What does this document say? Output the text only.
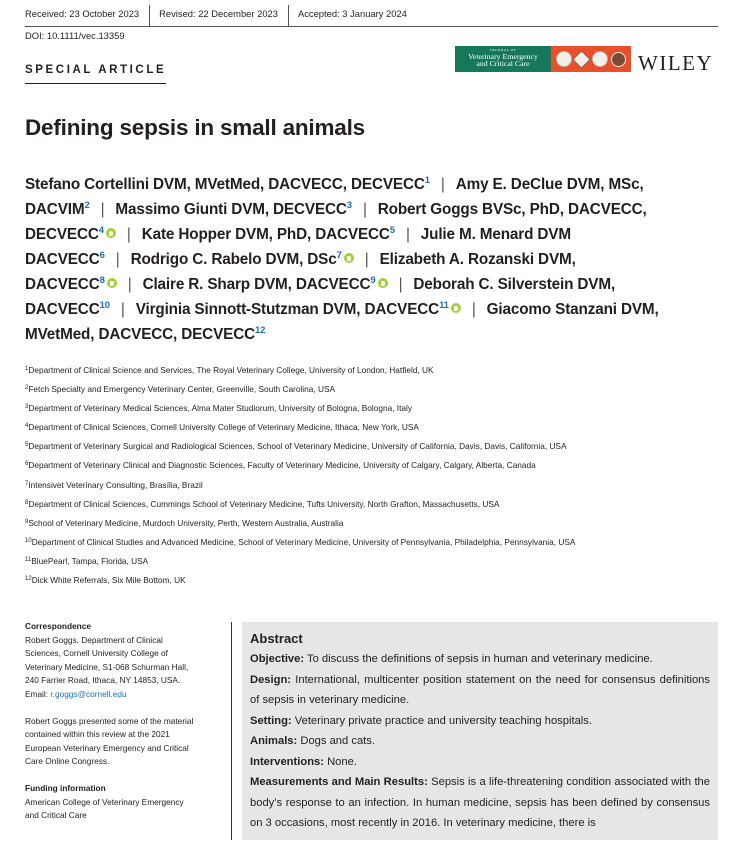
Received: 23 October 2023	Revised: 22 December 2023	Accepted: 3 January 2024
DOI: 10.1111/vec.13359
SPECIAL ARTICLE
JOURNAL OF
Veterinary Emergency
and Critical Care	WILEY
Defining sepsis in small animals
Stefano Cortellini DVM, MVetMed, DACVECC, DECVECC$^1$ | Amy E. DeClue DVM, MSc,
DACVIM$^2$ | Massimo Giunti DVM, DECVECC$^3$ | Robert Goggs BVSc, PhD, DACVECC,
DECVECC$^4$ | Kate Hopper DVM, PhD, DACVECC$^5$ | Julie M. Menard DVM
DACVECC$^6$ | Rodrigo C. Rabelo DVM, DSc$^7$ | Elizabeth A. Rozanski DVM,
DACVECC$^8$ | Claire R. Sharp DVM, DACVECC$^9$ | Deborah C. Silverstein DVM,
DACVECC$^{10}$ | Virginia Sinnott-Stutzman DVM, DACVECC$^{11}$ | Giacomo Stanzani DVM,
MVetMed, DACVECC, DECVECC$^{12}$
$^1$Department of Clinical Science and Services, The Royal Veterinary College, University of London, Hatfield, UK
$^2$Fetch Specialty and Emergency Veterinary Center, Greenville, South Carolina, USA
$^3$Department of Veterinary Medical Sciences, Alma Mater Studiorum, University of Bologna, Bologna, Italy
$^4$Department of Clinical Sciences, Cornell University College of Veterinary Medicine, Ithaca, New York, USA
$^5$Department of Veterinary Surgical and Radiological Sciences, School of Veterinary Medicine, University of California, Davis, Davis, California, USA
$^6$Department of Veterinary Clinical and Diagnostic Sciences, Faculty of Veterinary Medicine, University of Calgary, Calgary, Alberta, Canada
$^7$Intensivet Veterinary Consulting, Brasília, Brazil
$^8$Department of Clinical Sciences, Cummings School of Veterinary Medicine, Tufts University, North Grafton, Massachusetts, USA
$^9$School of Veterinary Medicine, Murdoch University, Perth, Western Australia, Australia
$^{10}$Department of Clinical Studies and Advanced Medicine, School of Veterinary Medicine, University of Pennsylvania, Philadelphia, Pennsylvania, USA
$^{11}$BluePearl, Tampa, Florida, USA
$^{12}$Dick White Referrals, Six Mile Bottom, UK
Correspondence
Robert Goggs, Department of Clinical
Sciences, Cornell University College of
Veterinary Medicine, S1-068 Schurman Hall,
240 Farrier Road, Ithaca, NY 14853, USA.
Email: r.goggs@cornell.edu
Robert Goggs presented some of the material
contained within this review at the 2021
European Veterinary Emergency and Critical
Care Online Congress.
Funding information
American College of Veterinary Emergency
and Critical Care
Abstract

Objective: To discuss the definitions of sepsis in human and veterinary medicine.

Design: International, multicenter position statement on the need for consensus definitions of sepsis in veterinary medicine.

Setting: Veterinary private practice and university teaching hospitals.

Animals: Dogs and cats.

Interventions: None.

Measurements and Main Results: Sepsis is a life-threatening condition associated with the body’s response to an infection. In human medicine, sepsis has been defined by consensus on 3 occasions, most recently in 2016. In veterinary medicine, there is
